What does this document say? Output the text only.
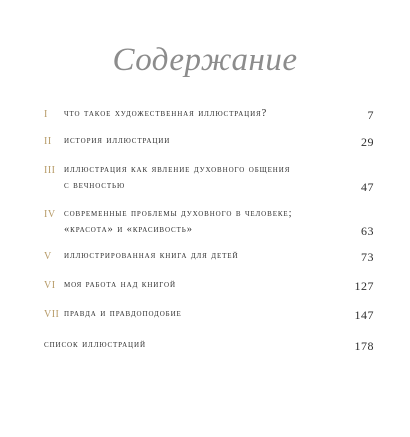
Содержание
I что такое художественная иллюстрация?	7
II история иллюстрации	29
III иллюстрация как явление духовного общения
с вечностью	47
IV современные проблемы духовного в человеке;
«красота» и «красивость»	63
V иллюстрированная книга для детей	73
VI моя работа над книгой	127
VII правда и правдоподобие	147
список иллюстраций	178
